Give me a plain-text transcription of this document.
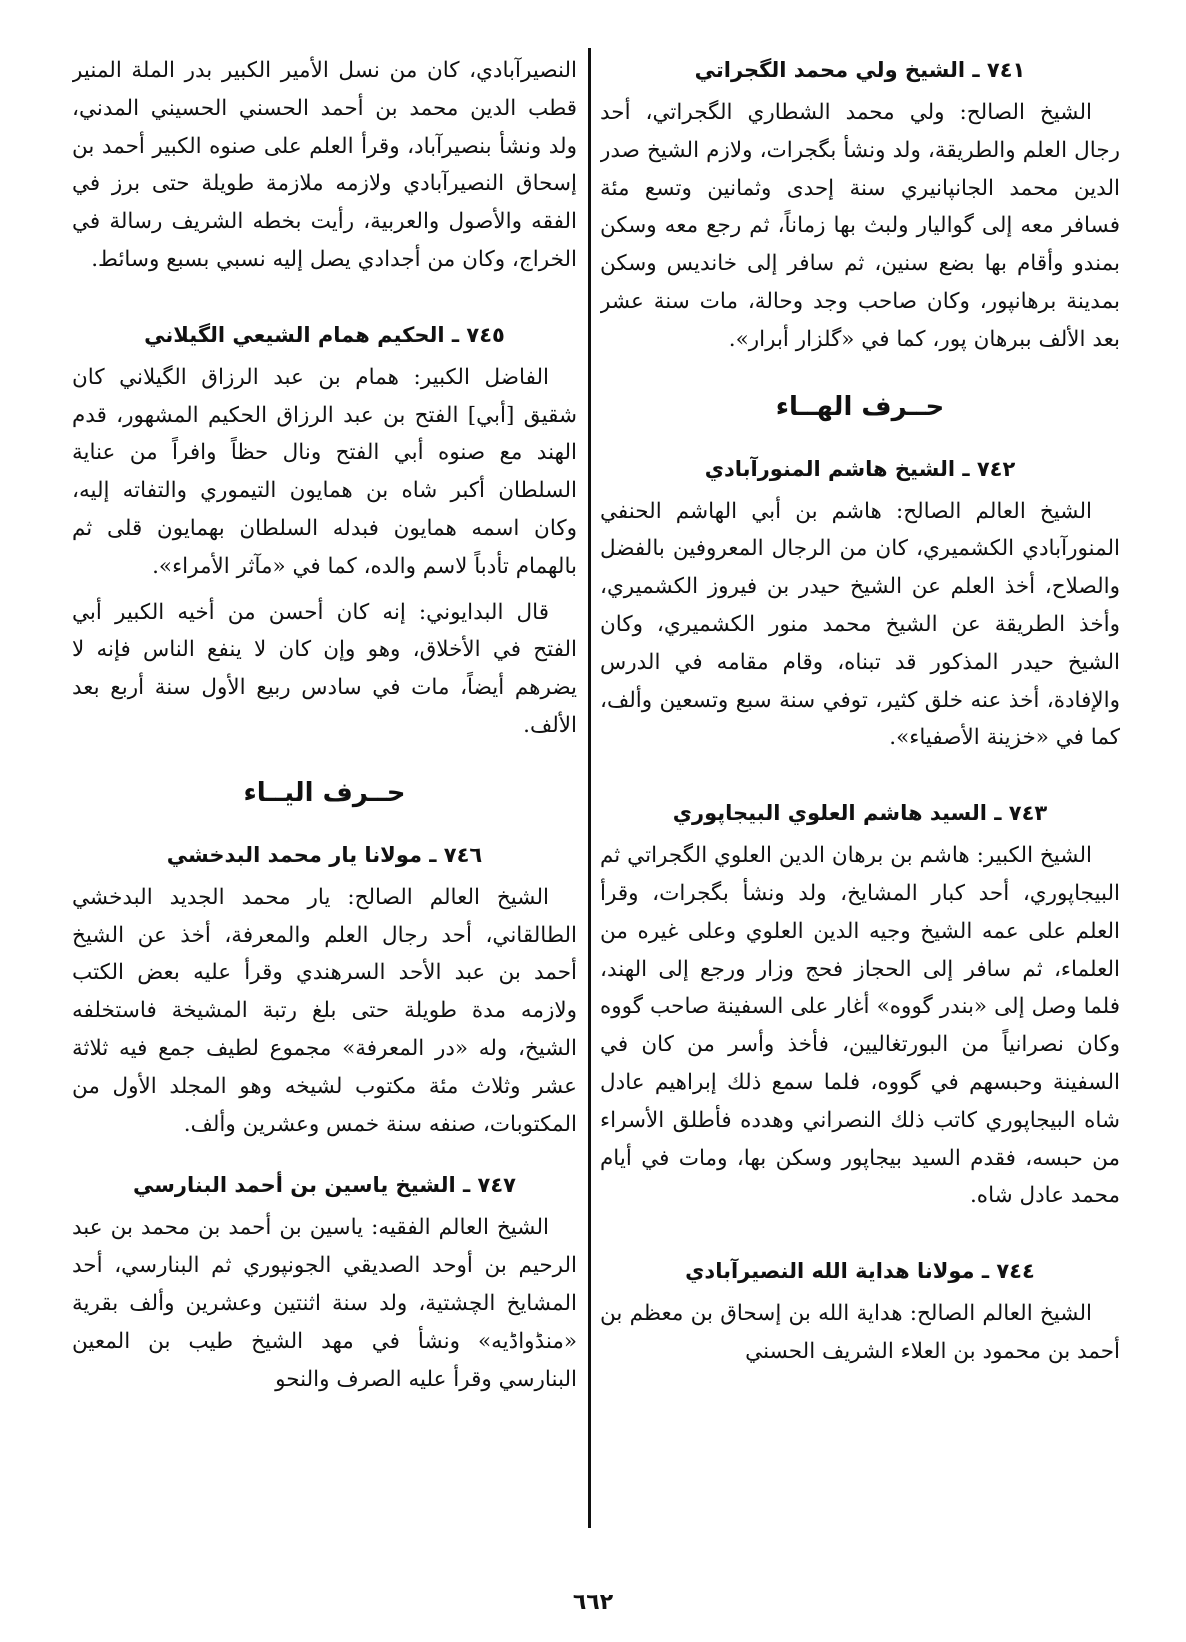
٧٤١ ـ الشيخ ولي محمد الگجراتي

الشيخ الصالح: ولي محمد الشطاري الگجراتي، أحد رجال العلم والطريقة، ولد ونشأ بگجرات، ولازم الشيخ صدر الدين محمد الجانپانيري سنة إحدى وثمانين وتسع مئة فسافر معه إلى گواليار ولبث بها زماناً، ثم رجع معه وسكن بمندو وأقام بها بضع سنين، ثم سافر إلى خانديس وسكن بمدينة برهانپور، وكان صاحب وجد وحالة، مات سنة عشر بعد الألف ببرهان پور، كما في «گلزار أبرار».

حــرف الهــاء
٧٤٢ ـ الشيخ هاشم المنورآبادي

الشيخ العالم الصالح: هاشم بن أبي الهاشم الحنفي المنورآبادي الكشميري، كان من الرجال المعروفين بالفضل والصلاح، أخذ العلم عن الشيخ حيدر بن فيروز الكشميري، وأخذ الطريقة عن الشيخ محمد منور الكشميري، وكان الشيخ حيدر المذكور قد تبناه، وقام مقامه في الدرس والإفادة، أخذ عنه خلق كثير، توفي سنة سبع وتسعين وألف، كما في «خزينة الأصفياء».

٧٤٣ ـ السيد هاشم العلوي البيجاپوري

الشيخ الكبير: هاشم بن برهان الدين العلوي الگجراتي ثم البيجاپوري، أحد كبار المشايخ، ولد ونشأ بگجرات، وقرأ العلم على عمه الشيخ وجيه الدين العلوي وعلى غيره من العلماء، ثم سافر إلى الحجاز فحج وزار ورجع إلى الهند، فلما وصل إلى «بندر گووه» أغار على السفينة صاحب گووه وكان نصرانياً من البورتغاليين، فأخذ وأسر من كان في السفينة وحبسهم في گووه، فلما سمع ذلك إبراهيم عادل شاه البيجاپوري كاتب ذلك النصراني وهدده فأطلق الأسراء من حبسه، فقدم السيد بيجاپور وسكن بها، ومات في أيام محمد عادل شاه.

٧٤٤ ـ مولانا هداية الله النصيرآبادي

الشيخ العالم الصالح: هداية الله بن إسحاق بن معظم بن أحمد بن محمود بن العلاء الشريف الحسني

النصيرآبادي، كان من نسل الأمير الكبير بدر الملة المنير قطب الدين محمد بن أحمد الحسني الحسيني المدني، ولد ونشأ بنصيرآباد، وقرأ العلم على صنوه الكبير أحمد بن إسحاق النصيرآبادي ولازمه ملازمة طويلة حتى برز في الفقه والأصول والعربية، رأيت بخطه الشريف رسالة في الخراج، وكان من أجدادي يصل إليه نسبي بسبع وسائط.

٧٤٥ ـ الحكيم همام الشيعي الگيلاني

الفاضل الكبير: همام بن عبد الرزاق الگيلاني كان شقيق [أبي] الفتح بن عبد الرزاق الحكيم المشهور، قدم الهند مع صنوه أبي الفتح ونال حظاً وافراً من عناية السلطان أكبر شاه بن همايون التيموري والتفاته إليه، وكان اسمه همايون فبدله السلطان بهمايون قلى ثم بالهمام تأدباً لاسم والده، كما في «مآثر الأمراء».

قال البدايوني: إنه كان أحسن من أخيه الكبير أبي الفتح في الأخلاق، وهو وإن كان لا ينفع الناس فإنه لا يضرهم أيضاً، مات في سادس ربيع الأول سنة أربع بعد الألف.

حــرف اليــاء
٧٤٦ ـ مولانا يار محمد البدخشي

الشيخ العالم الصالح: يار محمد الجديد البدخشي الطالقاني، أحد رجال العلم والمعرفة، أخذ عن الشيخ أحمد بن عبد الأحد السرهندي وقرأ عليه بعض الكتب ولازمه مدة طويلة حتى بلغ رتبة المشيخة فاستخلفه الشيخ، وله «در المعرفة» مجموع لطيف جمع فيه ثلاثة عشر وثلاث مئة مكتوب لشيخه وهو المجلد الأول من المكتوبات، صنفه سنة خمس وعشرين وألف.

٧٤٧ ـ الشيخ ياسين بن أحمد البنارسي

الشيخ العالم الفقيه: ياسين بن أحمد بن محمد بن عبد الرحيم بن أوحد الصديقي الجونپوري ثم البنارسي، أحد المشايخ الچشتية، ولد سنة اثنتين وعشرين وألف بقرية «منڈواڈيه» ونشأ في مهد الشيخ طيب بن المعين البنارسي وقرأ عليه الصرف والنحو

٦٦٢
